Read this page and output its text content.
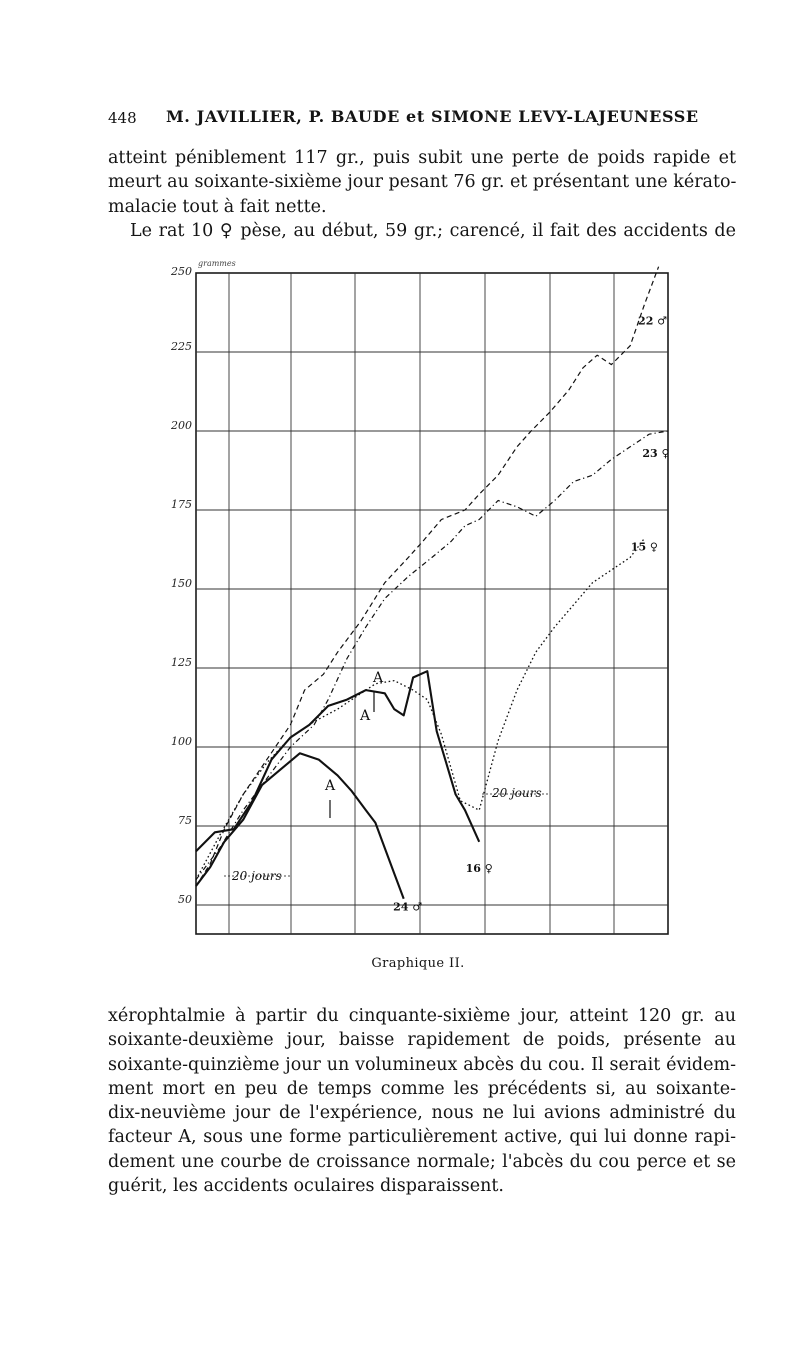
448 M. JAVILLIER, P. BAUDE et SIMONE LEVY-LAJEUNESSE
atteint péniblement 117 gr., puis subit une perte de poids rapide et
meurt au soixante-sixième jour pesant 76 gr. et présentant une kérato-
malacie tout à fait nette.
Le rat 10 ♀ pèse, au début, 59 gr.; carencé, il fait des accidents de
22 ♂
23 ♀
15 ♀
16 ♀
24 ♂
250
225
200
175
150
125
100
75
50
grammes
A
A
A
20 jours
20 jours
Graphique II.
xérophtalmie à partir du cinquante-sixième jour, atteint 120 gr. au
soixante-deuxième jour, baisse rapidement de poids, présente au
soixante-quinzième jour un volumineux abcès du cou. Il serait évidem-
ment mort en peu de temps comme les précédents si, au soixante-
dix-neuvième jour de l'expérience, nous ne lui avions administré du
facteur A, sous une forme particulièrement active, qui lui donne rapi-
dement une courbe de croissance normale; l'abcès du cou perce et se
guérit, les accidents oculaires disparaissent.
